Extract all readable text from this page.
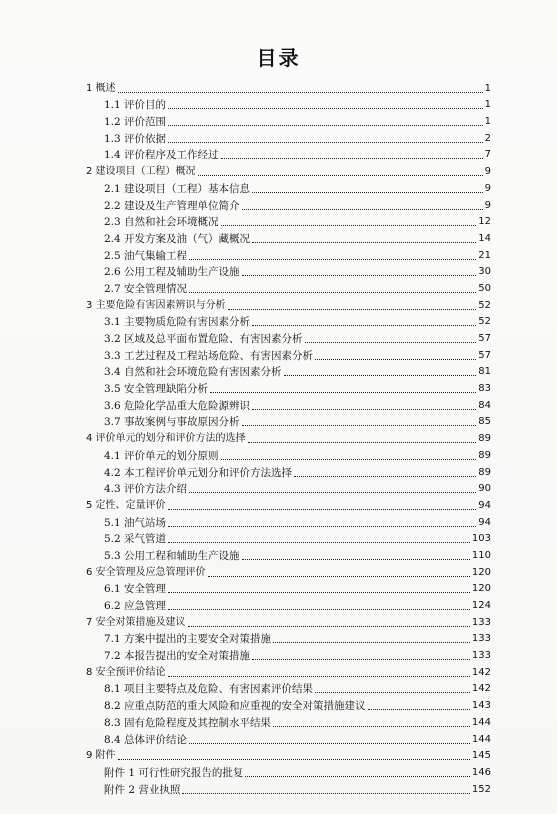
目录
1 概述	1
1.1 评价目的	1
1.2 评价范围	1
1.3 评价依据	2
1.4 评价程序及工作经过	7
2 建设项目（工程）概况	9
2.1 建设项目（工程）基本信息	9
2.2 建设及生产管理单位简介	9
2.3 自然和社会环境概况	12
2.4 开发方案及油（气）藏概况	14
2.5 油气集输工程	21
2.6 公用工程及辅助生产设施	30
2.7 安全管理情况	50
3 主要危险有害因素辨识与分析	52
3.1 主要物质危险有害因素分析	52
3.2 区域及总平面布置危险、有害因素分析	57
3.3 工艺过程及工程站场危险、有害因素分析	57
3.4 自然和社会环境危险有害因素分析	81
3.5 安全管理缺陷分析	83
3.6 危险化学品重大危险源辨识	84
3.7 事故案例与事故原因分析	85
4 评价单元的划分和评价方法的选择	89
4.1 评价单元的划分原则	89
4.2 本工程评价单元划分和评价方法选择	89
4.3 评价方法介绍	90
5 定性、定量评价	94
5.1 油气站场	94
5.2 采气管道	103
5.3 公用工程和辅助生产设施	110
6 安全管理及应急管理评价	120
6.1 安全管理	120
6.2 应急管理	124
7 安全对策措施及建议	133
7.1 方案中提出的主要安全对策措施	133
7.2 本报告提出的安全对策措施	133
8 安全预评价结论	142
8.1 项目主要特点及危险、有害因素评价结果	142
8.2 应重点防范的重大风险和应重视的安全对策措施建议	143
8.3 固有危险程度及其控制水平结果	144
8.4 总体评价结论	144
9 附件	145
附件 1 可行性研究报告的批复	146
附件 2 营业执照	152
